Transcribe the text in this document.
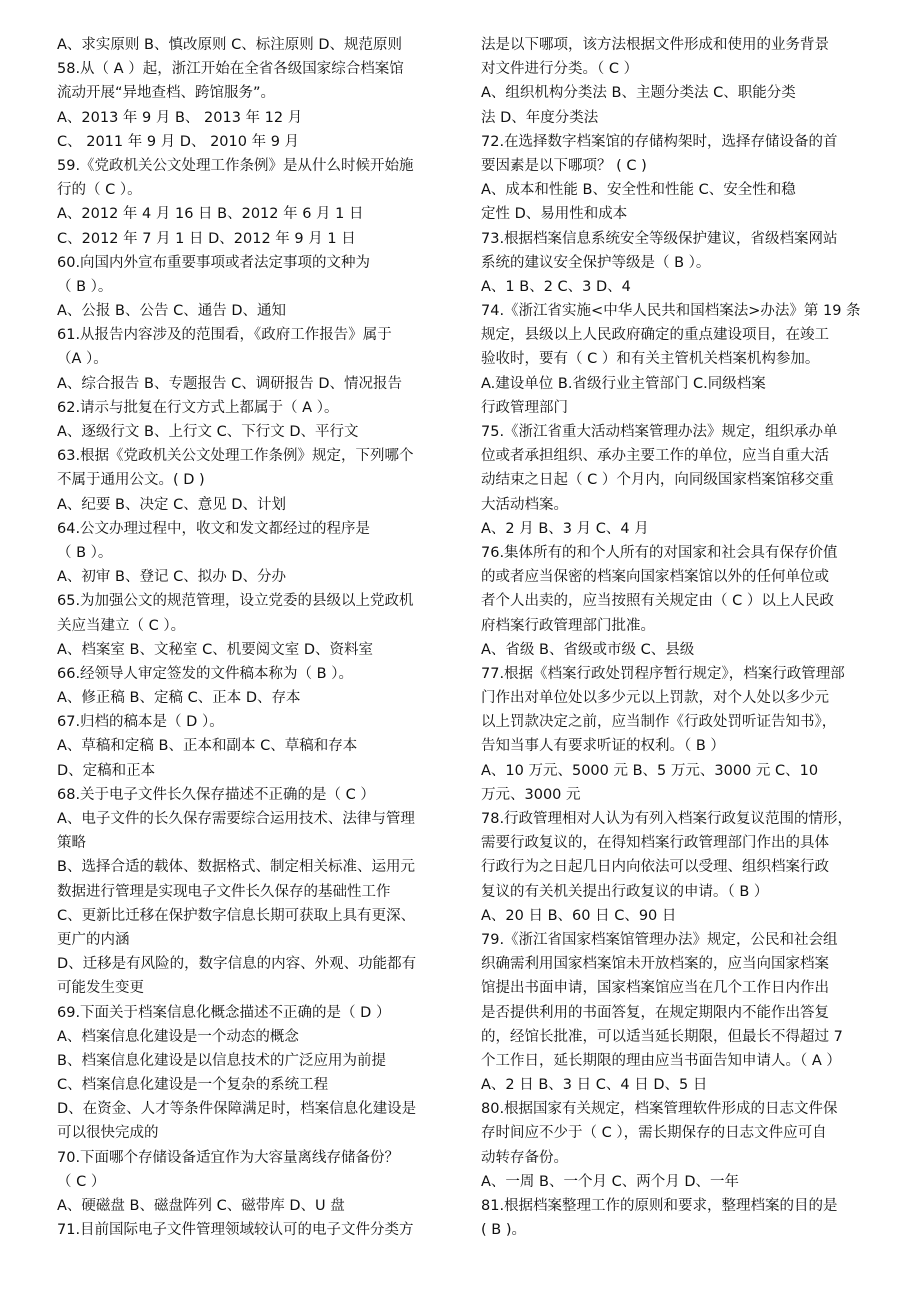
A、求实原则 B、慎改原则 C、标注原则 D、规范原则
58.从（ A ）起，浙江开始在全省各级国家综合档案馆
流动开展“异地查档、跨馆服务”。
A、2013 年 9 月 B、 2013 年 12 月
C、 2011 年 9 月 D、 2010 年 9 月
59.《党政机关公文处理工作条例》是从什么时候开始施
行的（ C ）。
A、2012 年 4 月 16 日 B、2012 年 6 月 1 日
C、2012 年 7 月 1 日 D、2012 年 9 月 1 日
60.向国内外宣布重要事项或者法定事项的文种为
（ B ）。
A、公报 B、公告 C、通告 D、通知
61.从报告内容涉及的范围看，《政府工作报告》属于
（A ）。
A、综合报告 B、专题报告 C、调研报告 D、情况报告
62.请示与批复在行文方式上都属于（ A ）。
A、逐级行文 B、上行文 C、下行文 D、平行文
63.根据《党政机关公文处理工作条例》规定，下列哪个
不属于通用公文。( D )
A、纪要 B、决定 C、意见 D、计划
64.公文办理过程中，收文和发文都经过的程序是
（ B ）。
A、初审 B、登记 C、拟办 D、分办
65.为加强公文的规范管理，设立党委的县级以上党政机
关应当建立（ C ）。
A、档案室 B、文秘室 C、机要阅文室 D、资料室
66.经领导人审定签发的文件稿本称为（ B ）。
A、修正稿 B、定稿 C、正本 D、存本
67.归档的稿本是（ D ）。
A、草稿和定稿 B、正本和副本 C、草稿和存本
D、定稿和正本
68.关于电子文件长久保存描述不正确的是（ C ）
A、电子文件的长久保存需要综合运用技术、法律与管理
策略
B、选择合适的载体、数据格式、制定相关标准、运用元
数据进行管理是实现电子文件长久保存的基础性工作
C、更新比迁移在保护数字信息长期可获取上具有更深、
更广的内涵
D、迁移是有风险的，数字信息的内容、外观、功能都有
可能发生变更
69.下面关于档案信息化概念描述不正确的是（ D ）
A、档案信息化建设是一个动态的概念
B、档案信息化建设是以信息技术的广泛应用为前提
C、档案信息化建设是一个复杂的系统工程
D、在资金、人才等条件保障满足时，档案信息化建设是
可以很快完成的
70.下面哪个存储设备适宜作为大容量离线存储备份？
（ C ）
A、硬磁盘 B、磁盘阵列 C、磁带库 D、U 盘
71.目前国际电子文件管理领域较认可的电子文件分类方
法是以下哪项，该方法根据文件形成和使用的业务背景
对文件进行分类。（ C ）
A、组织机构分类法 B、主题分类法 C、职能分类
法 D、年度分类法
72.在选择数字档案馆的存储构架时，选择存储设备的首
要因素是以下哪项？ ( C )
A、成本和性能 B、安全性和性能 C、安全性和稳
定性 D、易用性和成本
73.根据档案信息系统安全等级保护建议，省级档案网站
系统的建议安全保护等级是（ B ）。
A、1 B、2 C、3 D、4
74.《浙江省实施<中华人民共和国档案法>办法》第 19 条
规定，县级以上人民政府确定的重点建设项目，在竣工
验收时，要有（ C ）和有关主管机关档案机构参加。
A.建设单位 B.省级行业主管部门 C.同级档案
行政管理部门
75.《浙江省重大活动档案管理办法》规定，组织承办单
位或者承担组织、承办主要工作的单位，应当自重大活
动结束之日起（ C ）个月内，向同级国家档案馆移交重
大活动档案。
A、2 月 B、3 月 C、4 月
76.集体所有的和个人所有的对国家和社会具有保存价值
的或者应当保密的档案向国家档案馆以外的任何单位或
者个人出卖的，应当按照有关规定由（ C ）以上人民政
府档案行政管理部门批准。
A、省级 B、省级或市级 C、县级
77.根据《档案行政处罚程序暂行规定》，档案行政管理部
门作出对单位处以多少元以上罚款，对个人处以多少元
以上罚款决定之前，应当制作《行政处罚听证告知书》，
告知当事人有要求听证的权利。（ B ）
A、10 万元、5000 元 B、5 万元、3000 元 C、10
万元、3000 元
78.行政管理相对人认为有列入档案行政复议范围的情形，
需要行政复议的，在得知档案行政管理部门作出的具体
行政行为之日起几日内向依法可以受理、组织档案行政
复议的有关机关提出行政复议的申请。（ B ）
A、20 日 B、60 日 C、90 日
79.《浙江省国家档案馆管理办法》规定，公民和社会组
织确需利用国家档案馆未开放档案的，应当向国家档案
馆提出书面申请，国家档案馆应当在几个工作日内作出
是否提供利用的书面答复，在规定期限内不能作出答复
的，经馆长批准，可以适当延长期限，但最长不得超过 7
个工作日，延长期限的理由应当书面告知申请人。（ A ）
A、2 日 B、3 日 C、4 日 D、5 日
80.根据国家有关规定，档案管理软件形成的日志文件保
存时间应不少于（ C ），需长期保存的日志文件应可自
动转存备份。
A、一周 B、一个月 C、两个月 D、一年
81.根据档案整理工作的原则和要求，整理档案的目的是
( B )。
